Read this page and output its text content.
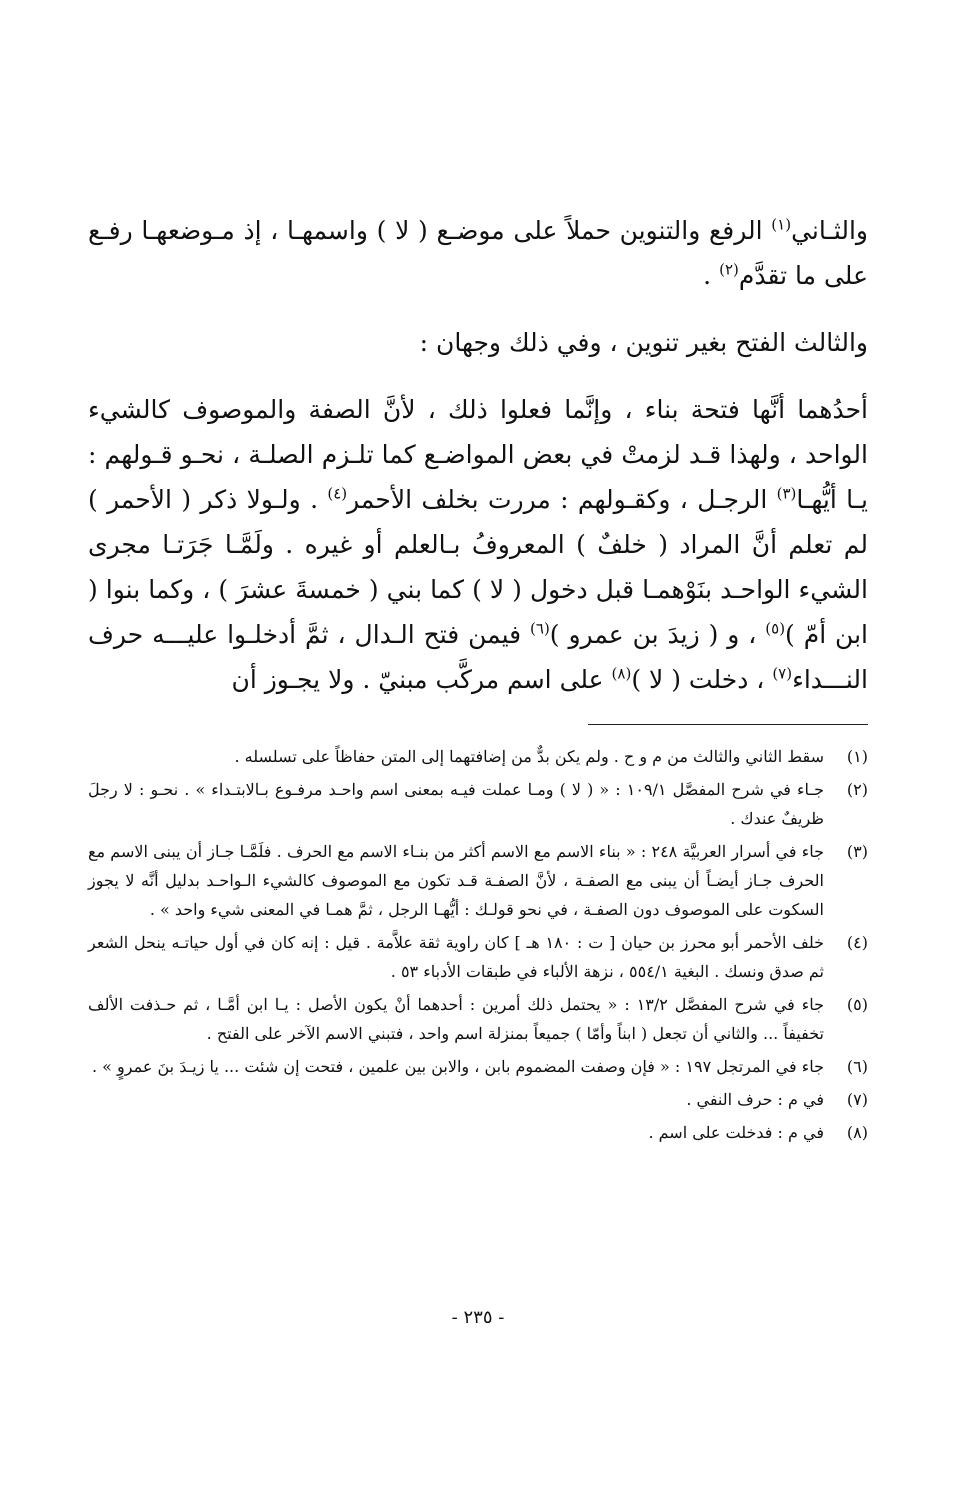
والثـاني$^{(١)}$ الرفع والتنوين حملاً على موضـع ( لا ) واسمهـا ، إذ مـوضعهـا رفـع على ما تقدَّم$^{(٢)}$ .

والثالث الفتح بغير تنوين ، وفي ذلك وجهان :

أحدُهما أنَّها فتحة بناء ، وإنَّما فعلوا ذلك ، لأنَّ الصفة والموصوف كالشيء الواحد ، ولهذا قـد لزمتْ في بعض المواضـع كما تلـزم الصلـة ، نحـو قـولهم : يـا أيُّهـا$^{(٣)}$ الرجـل ، وكقـولهم : مررت بخلف الأحمر$^{(٤)}$ . ولـولا ذكر ( الأحمر ) لم تعلم أنَّ المراد ( خلفٌ ) المعروفُ بـالعلم أو غيره . ولَمَّـا جَرَتـا مجرى الشيء الواحـد بنَوْهمـا قبل دخول ( لا ) كما بني ( خمسةَ عشرَ ) ، وكما بنوا ( ابن أمّ )$^{(٥)}$ ، و ( زيدَ بن عمرو )$^{(٦)}$ فيمن فتح الـدال ، ثمَّ أدخلـوا عليـــه حرف النـــداء$^{(٧)}$ ، دخلت ( لا )$^{(٨)}$ على اسم مركَّب مبنيّ . ولا يجـوز أن

(١)
سقط الثاني والثالث من م و ح . ولم يكن بدٌّ من إضافتهما إلى المتن حفاظاً على تسلسله .
(٢)
جـاء في شرح المفصَّل ١٠٩/١ : « ( لا ) ومـا عملت فيـه بمعنى اسم واحـد مرفـوع بـالابتـداء » . نحـو : لا رجلَ ظريفٌ عندك .
(٣)
جاء في أسرار العربيَّة ٢٤٨ : « بناء الاسم مع الاسم أكثر من بنـاء الاسم مع الحرف . فلَمَّـا جـاز أن يبنى الاسم مع الحرف جـاز أيضـاً أن يبنى مع الصفـة ، لأنَّ الصفـة قـد تكون مع الموصوف كالشيء الـواحـد بدليل أنَّه لا يجوز السكوت على الموصوف دون الصفـة ، في نحو قولـك : أيُّهـا الرجل ، ثمَّ همـا في المعنى شيء واحد » .
(٤)
خلف الأحمر أبو محرز بن حيان [ ت : ١٨٠ هـ ] كان راوية ثقة علاَّمة . قيل : إنه كان في أول حياتـه ينحل الشعر ثم صدق ونسك . البغية ٥٥٤/١ ، نزهة الألباء في طبقات الأدباء ٥٣ .
(٥)
جاء في شرح المفصَّل ١٣/٢ : « يحتمل ذلك أمرين : أحدهما أنْ يكون الأصل : يـا ابن أمَّـا ، ثم حـذفت الألف تخفيفاً ... والثاني أن تجعل ( ابناً وأمّا ) جميعاً بمنزلة اسم واحد ، فتبني الاسم الآخر على الفتح .
(٦)
جاء في المرتجل ١٩٧ : « فإن وصفت المضموم بابن ، والابن بين علمين ، فتحت إن شئت ... يا زيـدَ بنَ عمروٍ » .
(٧)
في م : حرف النفي .
(٨)
في م : فدخلت على اسم .
- ٢٣٥ -
